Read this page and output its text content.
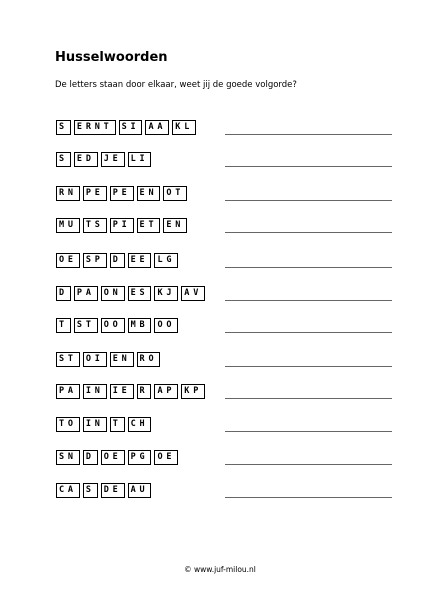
Husselwoorden
De letters staan door elkaar, weet jij de goede volgorde?
S	ERNT	SI	AA	KL
S	ED	JE	LI
RN	PE	PE	EN	OT
MU	TS	PI	ET	EN
OE	SP	D	EE	LG
D	PA	ON	ES	KJ	AV
T	ST	OO	MB	OO
ST	OI	EN	RO
PA	IN	IE	R	AP	KP
TO	IN	T	CH
SN	D	OE	PG	OE
CA	S	DE	AU
© www.juf-milou.nl
